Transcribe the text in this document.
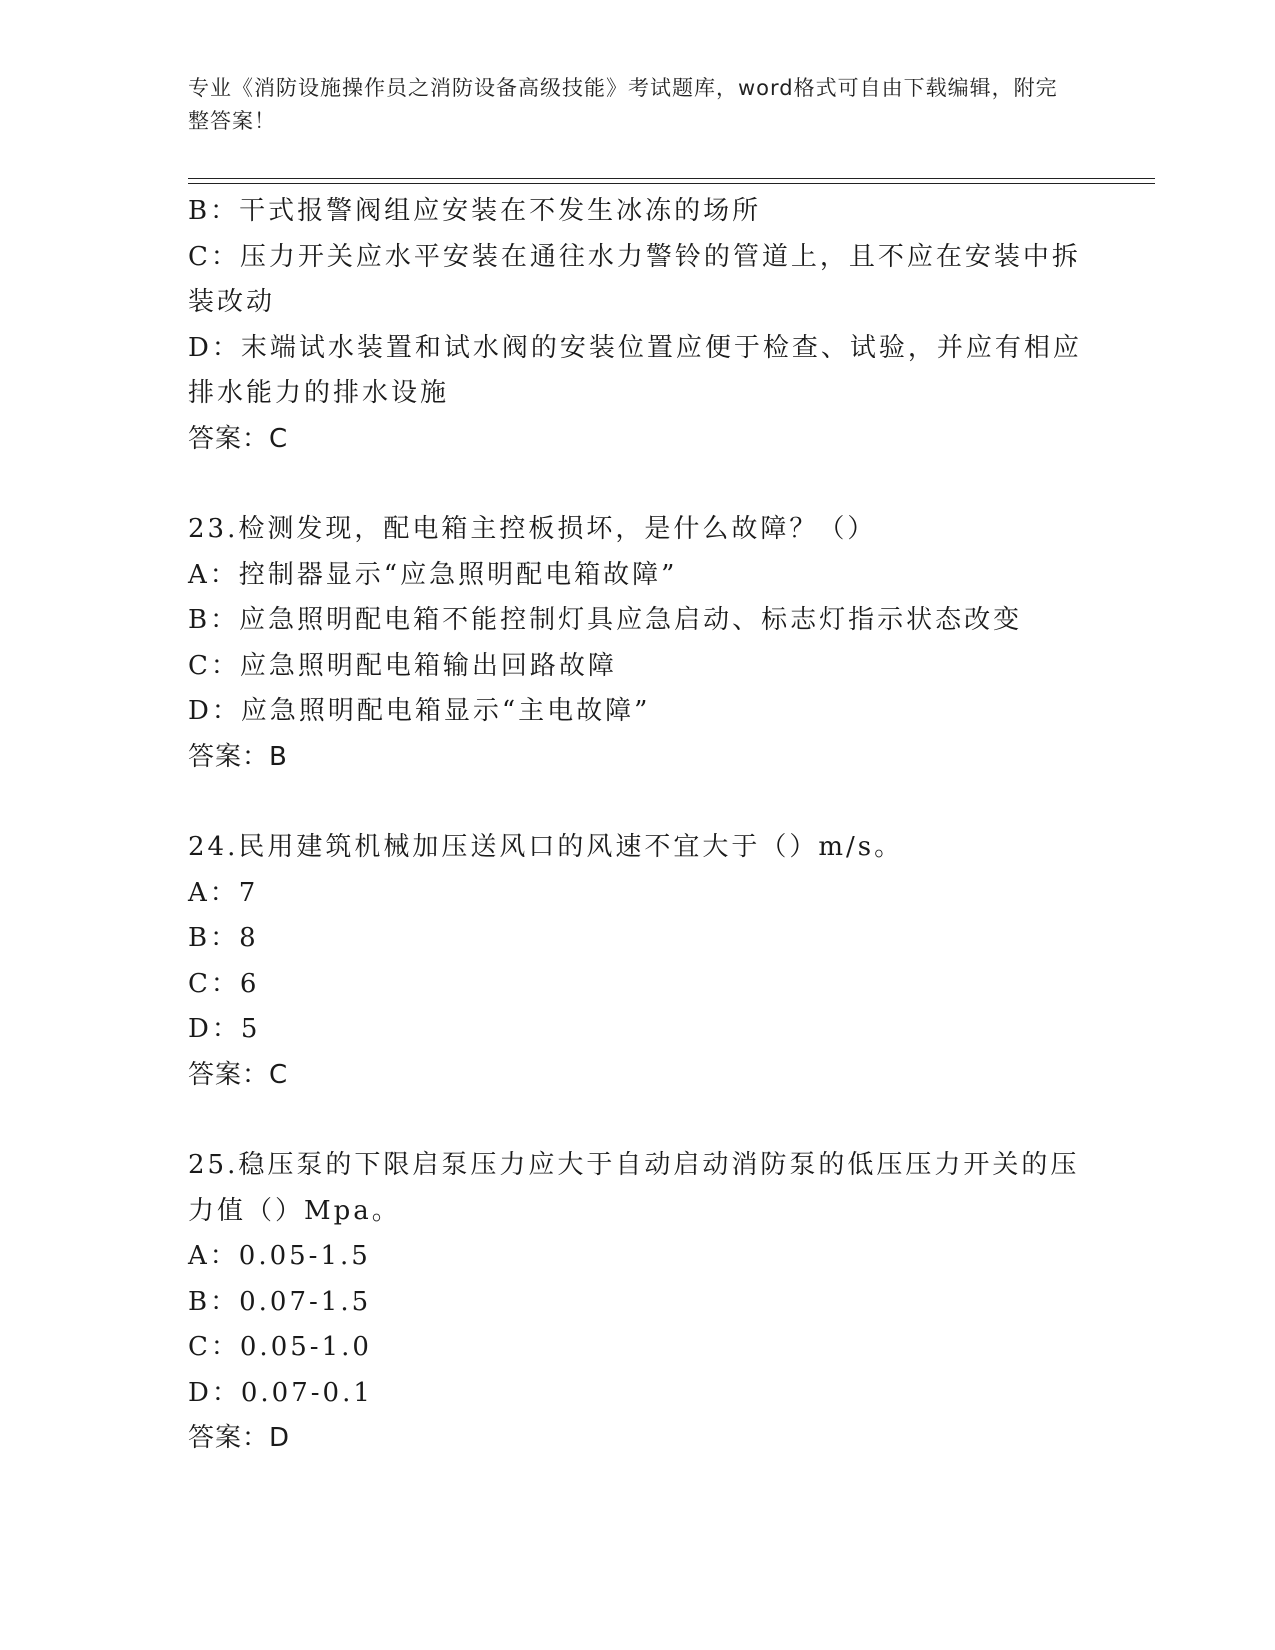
专业《消防设施操作员之消防设备高级技能》考试题库，word格式可自由下载编辑，附完整答案！

B：干式报警阀组应安装在不发生冰冻的场所

C：压力开关应水平安装在通往水力警铃的管道上，且不应在安装中拆装改动

D：末端试水装置和试水阀的安装位置应便于检查、试验，并应有相应排水能力的排水设施

答案：C

23.检测发现，配电箱主控板损坏，是什么故障？（）

A：控制器显示“应急照明配电箱故障”

B：应急照明配电箱不能控制灯具应急启动、标志灯指示状态改变

C：应急照明配电箱输出回路故障

D：应急照明配电箱显示“主电故障”

答案：B

24.民用建筑机械加压送风口的风速不宜大于（）m/s。

A：7

B：8

C：6

D：5

答案：C

25.稳压泵的下限启泵压力应大于自动启动消防泵的低压压力开关的压力值（）Mpa。

A：0.05-1.5

B：0.07-1.5

C：0.05-1.0

D：0.07-0.1

答案：D
